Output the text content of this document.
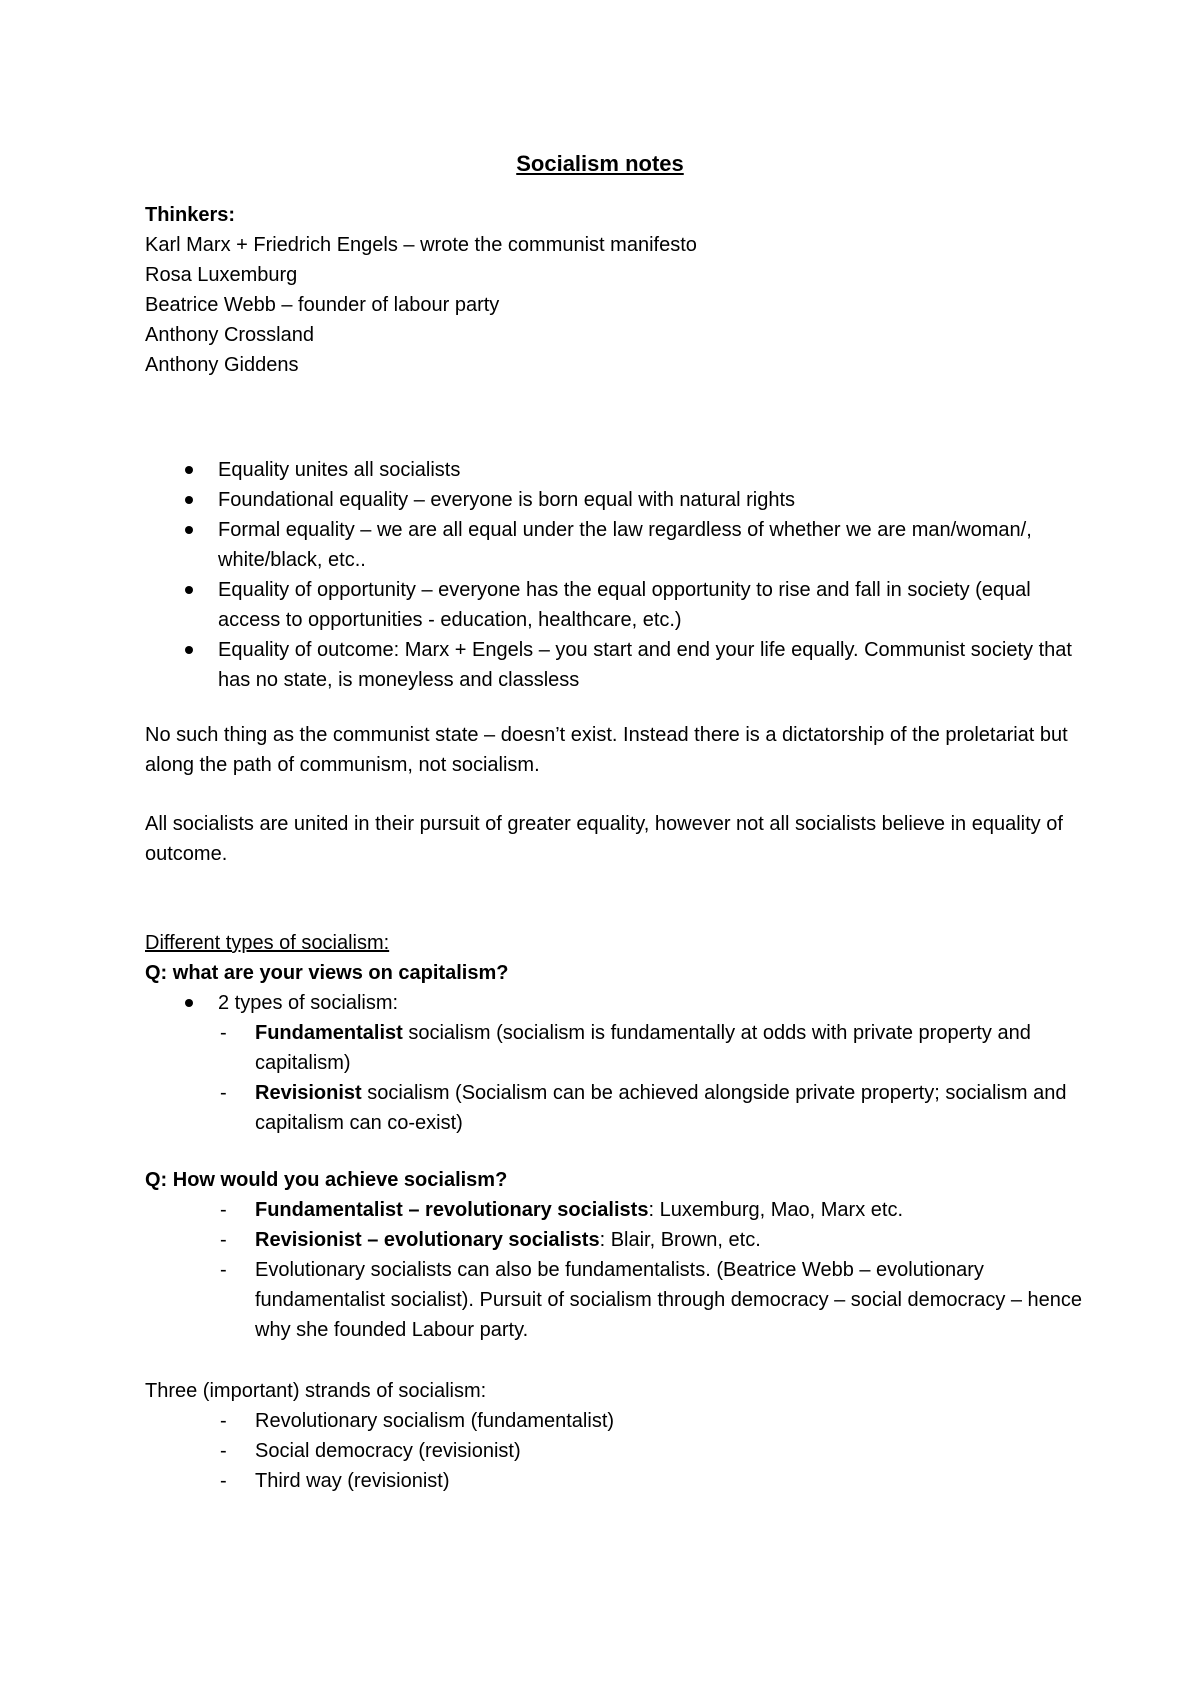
Socialism notes

Thinkers:

Karl Marx + Friedrich Engels – wrote the communist manifesto

Rosa Luxemburg

Beatrice Webb – founder of labour party

Anthony Crossland

Anthony Giddens

Equality unites all socialists
Foundational equality – everyone is born equal with natural rights
Formal equality – we are all equal under the law regardless of whether we are man/woman/, white/black, etc..
Equality of opportunity – everyone has the equal opportunity to rise and fall in society (equal access to opportunities - education, healthcare, etc.)
Equality of outcome: Marx + Engels – you start and end your life equally. Communist society that has no state, is moneyless and classless

No such thing as the communist state – doesn’t exist. Instead there is a dictatorship of the proletariat but along the path of communism, not socialism.

All socialists are united in their pursuit of greater equality, however not all socialists believe in equality of outcome.

Different types of socialism:

Q: what are your views on capitalism?

2 types of socialism:
- Fundamentalist socialism (socialism is fundamentally at odds with private property and capitalism)
- Revisionist socialism (Socialism can be achieved alongside private property; socialism and capitalism can co-exist)

Q: How would you achieve socialism?

- Fundamentalist – revolutionary socialists: Luxemburg, Mao, Marx etc.
- Revisionist – evolutionary socialists: Blair, Brown, etc.
- Evolutionary socialists can also be fundamentalists. (Beatrice Webb – evolutionary fundamentalist socialist). Pursuit of socialism through democracy – social democracy – hence why she founded Labour party.

Three (important) strands of socialism:

- Revolutionary socialism (fundamentalist)
- Social democracy (revisionist)
- Third way (revisionist)
